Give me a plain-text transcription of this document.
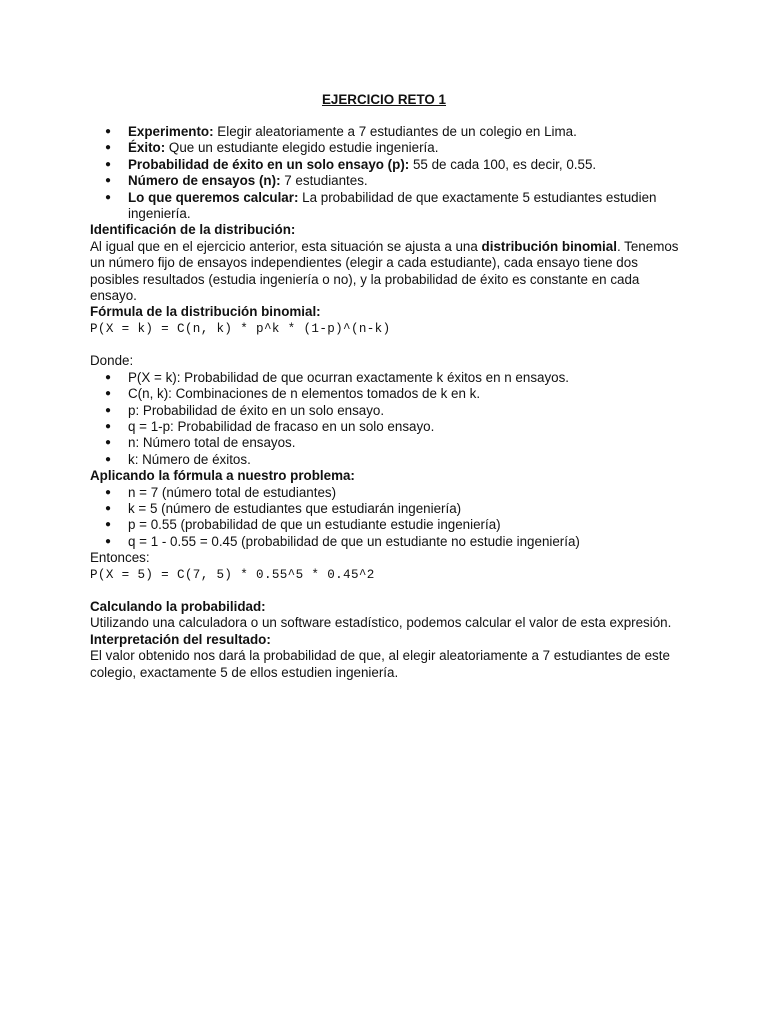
EJERCICIO RETO 1
● Experimento: Elegir aleatoriamente a 7 estudiantes de un colegio en Lima.
● Éxito: Que un estudiante elegido estudie ingeniería.
● Probabilidad de éxito en un solo ensayo (p): 55 de cada 100, es decir, 0.55.
● Número de ensayos (n): 7 estudiantes.
● Lo que queremos calcular: La probabilidad de que exactamente 5 estudiantes estudien ingeniería.
Identificación de la distribución:
Al igual que en el ejercicio anterior, esta situación se ajusta a una distribución binomial. Tenemos un número fijo de ensayos independientes (elegir a cada estudiante), cada ensayo tiene dos posibles resultados (estudia ingeniería o no), y la probabilidad de éxito es constante en cada ensayo.
Fórmula de la distribución binomial:
P(X = k) = C(n, k) * p^k * (1-p)^(n-k)
Donde:
● P(X = k): Probabilidad de que ocurran exactamente k éxitos en n ensayos.
● C(n, k): Combinaciones de n elementos tomados de k en k.
● p: Probabilidad de éxito en un solo ensayo.
● q = 1-p: Probabilidad de fracaso en un solo ensayo.
● n: Número total de ensayos.
● k: Número de éxitos.
Aplicando la fórmula a nuestro problema:
● n = 7 (número total de estudiantes)
● k = 5 (número de estudiantes que estudiarán ingeniería)
● p = 0.55 (probabilidad de que un estudiante estudie ingeniería)
● q = 1 - 0.55 = 0.45 (probabilidad de que un estudiante no estudie ingeniería)
Entonces:
P(X = 5) = C(7, 5) * 0.55^5 * 0.45^2
Calculando la probabilidad:
Utilizando una calculadora o un software estadístico, podemos calcular el valor de esta expresión.
Interpretación del resultado:
El valor obtenido nos dará la probabilidad de que, al elegir aleatoriamente a 7 estudiantes de este colegio, exactamente 5 de ellos estudien ingeniería.
